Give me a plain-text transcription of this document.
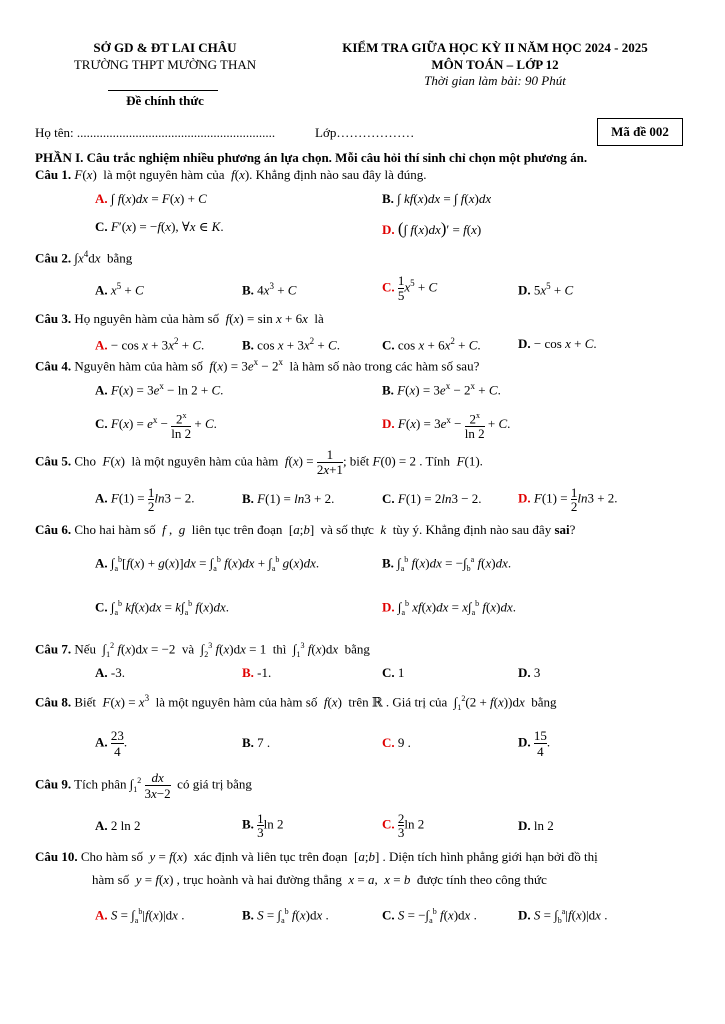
SỞ GD & ĐT LAI CHÂU
TRƯỜNG THPT MƯỜNG THAN
Đề chính thức
KIỂM TRA GIỮA HỌC KỲ II NĂM HỌC 2024 - 2025
MÔN TOÁN – LỚP 12
Thời gian làm bài: 90 Phút
Họ tên: .............................................................	Lớp………………	Mã đề 002
PHẦN I. Câu trắc nghiệm nhiều phương án lựa chọn. Mỗi câu hỏi thí sinh chỉ chọn một phương án.
Câu 1. F(x)  là một nguyên hàm của  f(x). Khẳng định nào sau đây là đúng.
A. ∫ f(x)dx = F(x) + C	B. ∫ kf(x)dx = ∫ f(x)dx
C. F′(x) = −f(x), ∀x ∈ K.	D. (∫ f(x)dx)′ = f(x)
Câu 2. $\int x^4dx$  bằng
A. $x^5 + C$	B. $4x^3 + C$	C. $\frac{1}{5} x^5 + C$	D. $5x^5 + C$
Câu 3. Họ nguyên hàm của hàm số  f(x) = sin x + 6x  là
A. − $\cos x + 3x^2 + C$.	B. $\cos x + 3x^2 + C$.	C. $\cos x + 6x^2 + C$.	D. − cos x + C.
Câu 4. Nguyên hàm của hàm số  $f(x) = 3e^x - 2^x$  là hàm số nào trong các hàm số sau?
A. $F(x) = 3e^x - \ln 2 + C$.	B. $F(x) = 3e^x - 2^x + C$.
C. $F(x) = e^x - \frac{2^x}{\ln 2} + C$.	D. $F(x) = 3e^x - \frac{2^x}{\ln 2} + C$.
Câu 5. Cho  F(x)  là một nguyên hàm của hàm  $f(x) = \frac{1}{2x+1}$ ; biết F(0) = 2 . Tính  F(1).
A. $F(1) = \frac{1}{2} \ln 3 - 2$.	B. F(1) = ln3 + 2.	C. F(1) = 2ln3 − 2.	D. $F(1) = \frac{1}{2} \ln 3 + 2$.
Câu 6. Cho hai hàm số  f ,  g  liên tục trên đoạn  [a;b]  và số thực  k  tùy ý. Khẳng định nào sau đây sai?
A. $\int_a^b[f(x) + g(x)]dx = \int_a^b$ $f(x)dx + \int_a^b$ g(x)dx.	B. $\int_a^b$ $f(x)dx = -\int_b^a$ f(x)dx.
C. $\int_a^b$ $kf(x)dx = k\int_a^b$ f(x)dx.	D. $\int_a^b$ $xf(x)dx = x\int_a^b$ f(x)dx.
Câu 7. Nếu  $\int_1^2$ f(x)dx = −2  và  $\int_2^3$ f(x)dx = 1  thì  $\int_1^3$ f(x)dx  bằng
A. -3.	B. -1.	C. 1	D. 3
Câu 8. Biết  $F(x) = x^3$  là một nguyên hàm của hàm số  f(x)  trên ℝ . Giá trị của  $\int_1^2(2 + f(x))dx$  bằng
A. $\frac{23}{4}$ .	B. 7 .	C. 9 .	D. $\frac{15}{4}$ .
Câu 9. Tích phân $\int_1^2 \frac{dx}{3x-2}$ có giá trị bằng
A. 2 ln 2	B. $\frac{1}{3}$ ln 2	C. $\frac{2}{3}$ ln 2	D. ln 2
Câu 10. Cho hàm số  y = f(x)  xác định và liên tục trên đoạn  [a;b] . Diện tích hình phẳng giới hạn bởi đồ thị
hàm số  y = f(x) , trục hoành và hai đường thẳng  x = a,  x = b  được tính theo công thức
A. $S = \int_a^b|f(x)|dx$ .	B. $S = \int_a^b$ f(x)dx .	C. $S = -\int_a^b$ f(x)dx .	D. $S = \int_b^a|f(x)|dx$ .
